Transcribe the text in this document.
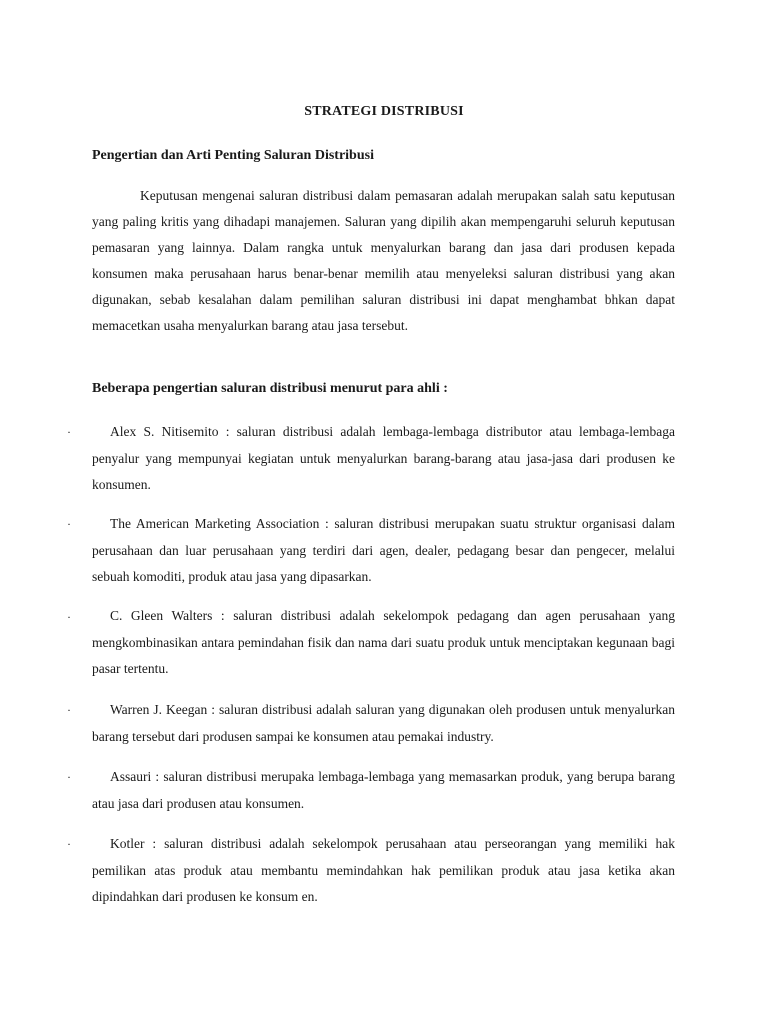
STRATEGI DISTRIBUSI
Pengertian dan Arti Penting Saluran Distribusi

Keputusan mengenai saluran distribusi dalam pemasaran adalah merupakan salah satu keputusan yang paling kritis yang dihadapi manajemen. Saluran yang dipilih akan mempengaruhi seluruh keputusan pemasaran yang lainnya. Dalam rangka untuk menyalurkan barang dan jasa dari produsen kepada konsumen maka perusahaan harus benar-benar memilih atau menyeleksi saluran distribusi yang akan digunakan, sebab kesalahan dalam pemilihan saluran distribusi ini dapat menghambat bhkan dapat memacetkan usaha menyalurkan barang atau jasa tersebut.

Beberapa pengertian saluran distribusi menurut para ahli :
·	Alex S. Nitisemito : saluran distribusi adalah lembaga-lembaga distributor atau lembaga-lembaga penyalur yang mempunyai kegiatan untuk menyalurkan barang-barang atau jasa-jasa dari produsen ke konsumen.

·	The American Marketing Association : saluran distribusi merupakan suatu struktur organisasi dalam perusahaan dan luar perusahaan yang terdiri dari agen, dealer, pedagang besar dan pengecer, melalui sebuah komoditi, produk atau jasa yang dipasarkan.

·	C. Gleen Walters : saluran distribusi adalah sekelompok pedagang dan agen perusahaan yang mengkombinasikan antara pemindahan fisik dan nama dari suatu produk untuk menciptakan kegunaan bagi pasar tertentu.

·	Warren J. Keegan : saluran distribusi adalah saluran yang digunakan oleh produsen untuk menyalurkan barang tersebut dari produsen sampai ke konsumen atau pemakai industry.

·	Assauri : saluran distribusi merupaka lembaga-lembaga yang memasarkan produk, yang berupa barang atau jasa dari produsen atau konsumen.

·	Kotler : saluran distribusi adalah sekelompok perusahaan atau perseorangan yang memiliki hak pemilikan atas produk atau membantu memindahkan hak pemilikan produk atau jasa ketika akan dipindahkan dari produsen ke konsum en.
